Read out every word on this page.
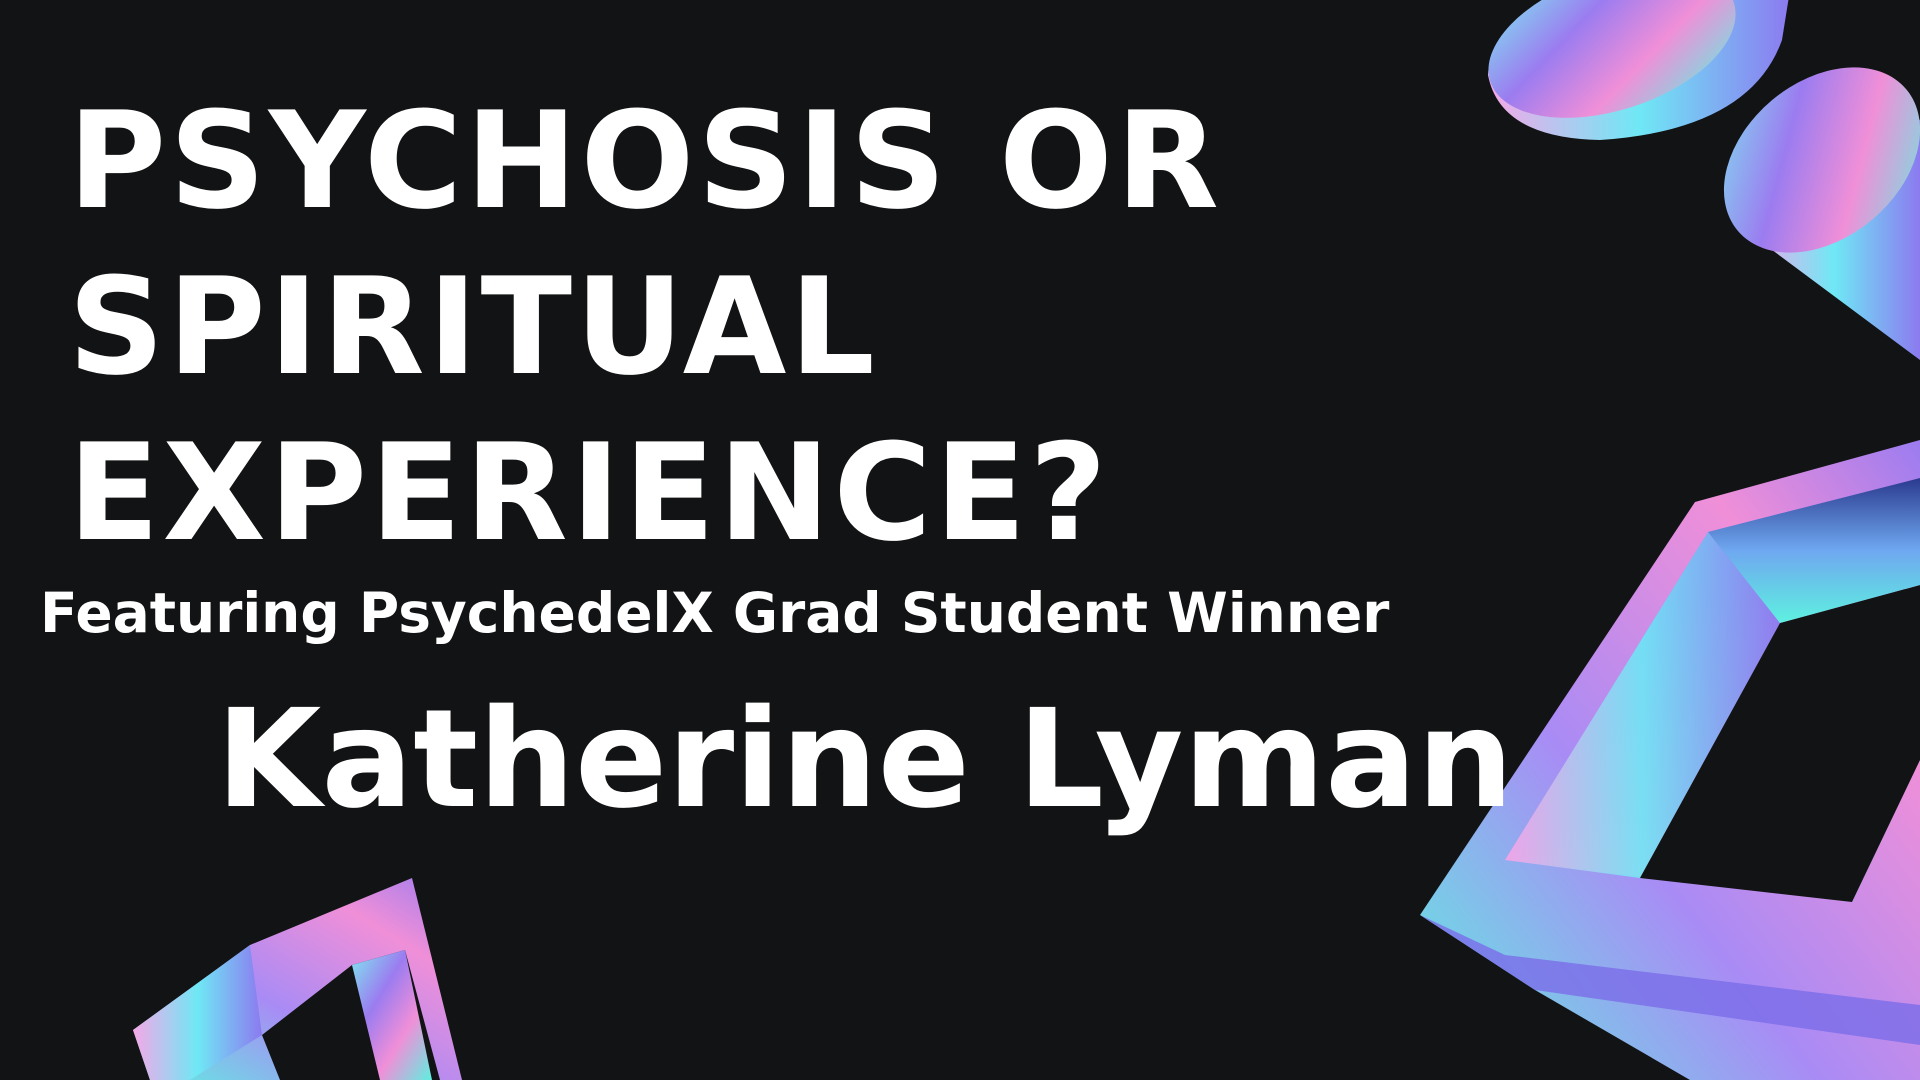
PSYCHOSIS OR
SPIRITUAL
EXPERIENCE?
Featuring PsychedelX Grad Student Winner
Katherine Lyman
